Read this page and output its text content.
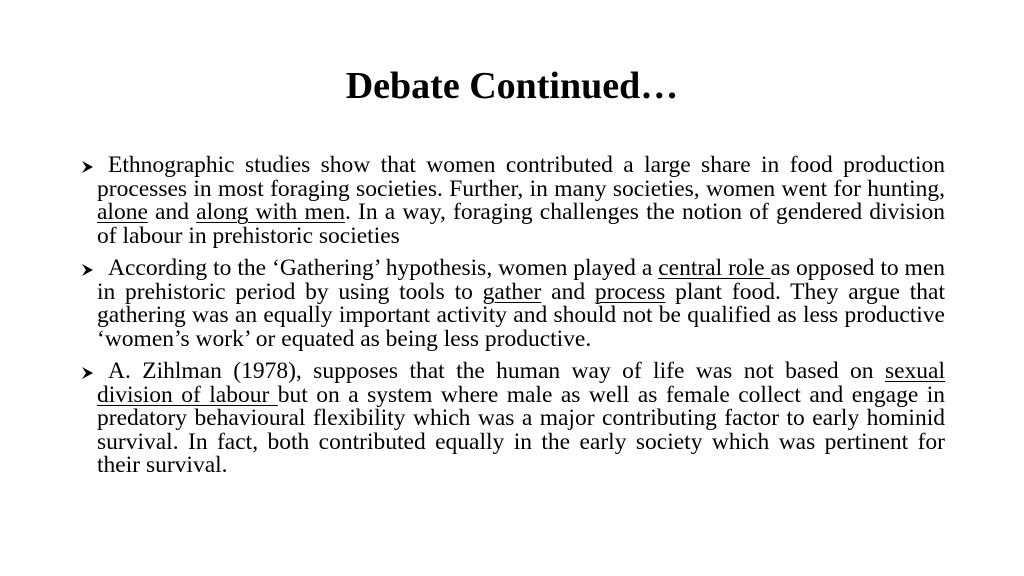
Debate Continued…
Ethnographic studies show that women contributed a large share in food production processes in most foraging societies. Further, in many societies, women went for hunting, alone and along with men. In a way, foraging challenges the notion of gendered division of labour in prehistoric societies
According to the ‘Gathering’ hypothesis, women played a central role as opposed to men in prehistoric period by using tools to gather and process plant food. They argue that gathering was an equally important activity and should not be qualified as less productive ‘women’s work’ or equated as being less productive.
A. Zihlman (1978), supposes that the human way of life was not based on sexual division of labour but on a system where male as well as female collect and engage in predatory behavioural flexibility which was a major contributing factor to early hominid survival. In fact, both contributed equally in the early society which was pertinent for their survival.
